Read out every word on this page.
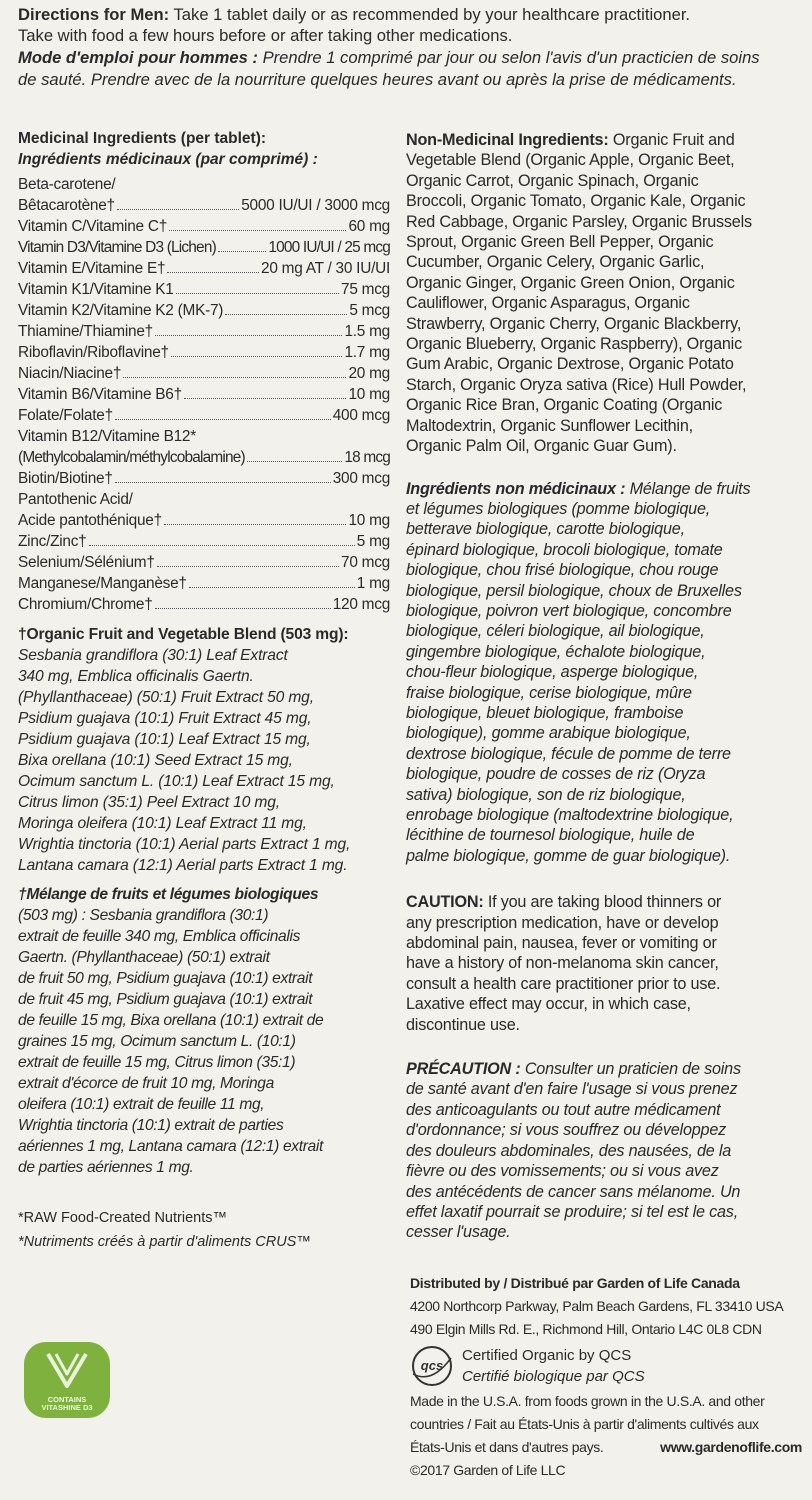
Directions for Men: Take 1 tablet daily or as recommended by your healthcare practitioner.

Take with food a few hours before or after taking other medications.

Mode d'emploi pour hommes : Prendre 1 comprimé par jour ou selon l'avis d'un practicien de soins

de sauté. Prendre avec de la nourriture quelques heures avant ou après la prise de médicaments.

Medicinal Ingredients (per tablet):

Ingrédients médicinaux (par comprimé) :

Beta-carotene/
Bêtacarotène†	5000 IU/UI / 3000 mcg
Vitamin C/Vitamine C†	60 mg
Vitamin D3/Vitamine D3 (Lichen)	1000 IU/UI / 25 mcg
Vitamin E/Vitamine E†	20 mg AT / 30 IU/UI
Vitamin K1/Vitamine K1	75 mcg
Vitamin K2/Vitamine K2 (MK-7)	5 mcg
Thiamine/Thiamine†	1.5 mg
Riboflavin/Riboflavine†	1.7 mg
Niacin/Niacine†	20 mg
Vitamin B6/Vitamine B6†	10 mg
Folate/Folate†	400 mcg
Vitamin B12/Vitamine B12*
(Methylcobalamin/méthylcobalamine)	18 mcg
Biotin/Biotine†	300 mcg
Pantothenic Acid/
Acide pantothénique†	10 mg
Zinc/Zinc†	5 mg
Selenium/Sélénium†	70 mcg
Manganese/Manganèse†	1 mg
Chromium/Chrome†	120 mcg
†Organic Fruit and Vegetable Blend (503 mg):
Sesbania grandiflora (30:1) Leaf Extract
340 mg, Emblica officinalis Gaertn.
(Phyllanthaceae) (50:1) Fruit Extract 50 mg,
Psidium guajava (10:1) Fruit Extract 45 mg,
Psidium guajava (10:1) Leaf Extract 15 mg,
Bixa orellana (10:1) Seed Extract 15 mg,
Ocimum sanctum L. (10:1) Leaf Extract 15 mg,
Citrus limon (35:1) Peel Extract 10 mg,
Moringa oleifera (10:1) Leaf Extract 11 mg,
Wrightia tinctoria (10:1) Aerial parts Extract 1 mg,
Lantana camara (12:1) Aerial parts Extract 1 mg.
†Mélange de fruits et légumes biologiques
(503 mg) : Sesbania grandiflora (30:1)
extrait de feuille 340 mg, Emblica officinalis
Gaertn. (Phyllanthaceae) (50:1) extrait
de fruit 50 mg, Psidium guajava (10:1) extrait
de fruit 45 mg, Psidium guajava (10:1) extrait
de feuille 15 mg, Bixa orellana (10:1) extrait de
graines 15 mg, Ocimum sanctum L. (10:1)
extrait de feuille 15 mg, Citrus limon (35:1)
extrait d'écorce de fruit 10 mg, Moringa
oleifera (10:1) extrait de feuille 11 mg,
Wrightia tinctoria (10:1) extrait de parties
aériennes 1 mg, Lantana camara (12:1) extrait
de parties aériennes 1 mg.
*RAW Food-Created Nutrients™
*Nutriments créés à partir d'aliments CRUS™
Non-Medicinal Ingredients: Organic Fruit and
Vegetable Blend (Organic Apple, Organic Beet,
Organic Carrot, Organic Spinach, Organic
Broccoli, Organic Tomato, Organic Kale, Organic
Red Cabbage, Organic Parsley, Organic Brussels
Sprout, Organic Green Bell Pepper, Organic
Cucumber, Organic Celery, Organic Garlic,
Organic Ginger, Organic Green Onion, Organic
Cauliflower, Organic Asparagus, Organic
Strawberry, Organic Cherry, Organic Blackberry,
Organic Blueberry, Organic Raspberry), Organic
Gum Arabic, Organic Dextrose, Organic Potato
Starch, Organic Oryza sativa (Rice) Hull Powder,
Organic Rice Bran, Organic Coating (Organic
Maltodextrin, Organic Sunflower Lecithin,
Organic Palm Oil, Organic Guar Gum).
Ingrédients non médicinaux : Mélange de fruits
et légumes biologiques (pomme biologique,
betterave biologique, carotte biologique,
épinard biologique, brocoli biologique, tomate
biologique, chou frisé biologique, chou rouge
biologique, persil biologique, choux de Bruxelles
biologique, poivron vert biologique, concombre
biologique, céleri biologique, ail biologique,
gingembre biologique, échalote biologique,
chou-fleur biologique, asperge biologique,
fraise biologique, cerise biologique, mûre
biologique, bleuet biologique, framboise
biologique), gomme arabique biologique,
dextrose biologique, fécule de pomme de terre
biologique, poudre de cosses de riz (Oryza
sativa) biologique, son de riz biologique,
enrobage biologique (maltodextrine biologique,
lécithine de tournesol biologique, huile de
palme biologique, gomme de guar biologique).
CAUTION: If you are taking blood thinners or
any prescription medication, have or develop
abdominal pain, nausea, fever or vomiting or
have a history of non-melanoma skin cancer,
consult a health care practitioner prior to use.
Laxative effect may occur, in which case,
discontinue use.
PRÉCAUTION : Consulter un praticien de soins
de santé avant d'en faire l'usage si vous prenez
des anticoagulants ou tout autre médicament
d'ordonnance; si vous souffrez ou développez
des douleurs abdominales, des nausées, de la
fièvre ou des vomissements; ou si vous avez
des antécédents de cancer sans mélanome. Un
effet laxatif pourrait se produire; si tel est le cas,
cesser l'usage.
CONTAINS
VITASHINE D3
Distributed by / Distribué par Garden of Life Canada
4200 Northcorp Parkway, Palm Beach Gardens, FL 33410 USA
490 Elgin Mills Rd. E., Richmond Hill, Ontario L4C 0L8 CDN
qcs
Certified Organic by QCS
Certifié biologique par QCS
Made in the U.S.A. from foods grown in the U.S.A. and other
countries / Fait au États-Unis à partir d'aliments cultivés aux
États-Unis et dans d'autres pays.	www.gardenoflife.com
©2017 Garden of Life LLC
